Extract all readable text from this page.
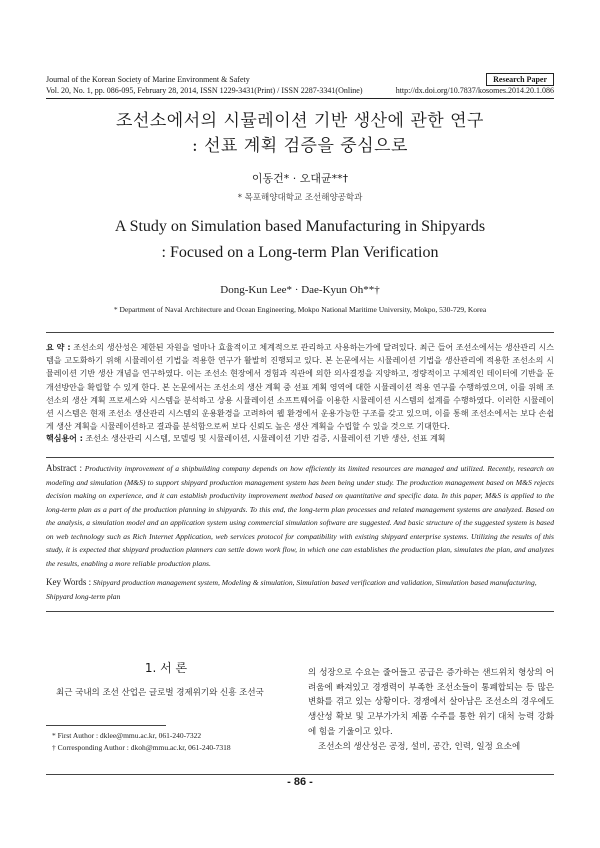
Journal of the Korean Society of Marine Environment & Safety	Research Paper
Vol. 20, No. 1, pp. 086-095, February 28, 2014, ISSN 1229-3431(Print) / ISSN 2287-3341(Online)	http://dx.doi.org/10.7837/kosomes.2014.20.1.086
조선소에서의 시뮬레이션 기반 생산에 관한 연구
: 선표 계획 검증을 중심으로
이동건* · 오대균**†
* 목포해양대학교 조선해양공학과
A Study on Simulation based Manufacturing in Shipyards
: Focused on a Long-term Plan Verification
Dong-Kun Lee* · Dae-Kyun Oh**†
* Department of Naval Architecture and Ocean Engineering, Mokpo National Maritime University, Mokpo, 530-729, Korea
요 약 : 조선소의 생산성은 제한된 자원을 얼마나 효율적이고 체계적으로 관리하고 사용하는가에 달려있다. 최근 들어 조선소에서는 생산관리 시스템을 고도화하기 위해 시뮬레이션 기법을 적용한 연구가 활발히 진행되고 있다. 본 논문에서는 시뮬레이션 기법을 생산관리에 적용한 조선소의 시뮬레이션 기반 생산 개념을 연구하였다. 이는 조선소 현장에서 경험과 직관에 의한 의사결정을 지양하고, 정량적이고 구체적인 데이터에 기반을 둔 개선방안을 확립할 수 있게 한다. 본 논문에서는 조선소의 생산 계획 중 선표 계획 영역에 대한 시뮬레이션 적용 연구를 수행하였으며, 이를 위해 조선소의 생산 계획 프로세스와 시스템을 분석하고 상용 시뮬레이션 소프트웨어를 이용한 시뮬레이션 시스템의 설계를 수행하였다. 이러한 시뮬레이션 시스템은 현재 조선소 생산관리 시스템의 운용환경을 고려하여 웹 환경에서 운용가능한 구조를 갖고 있으며, 이를 통해 조선소에서는 보다 손쉽게 생산 계획을 시뮬레이션하고 결과를 분석함으로써 보다 신뢰도 높은 생산 계획을 수립할 수 있을 것으로 기대한다.
핵심용어 : 조선소 생산관리 시스템, 모델링 및 시뮬레이션, 시뮬레이션 기반 검증, 시뮬레이션 기반 생산, 선표 계획
Abstract : Productivity improvement of a shipbuilding company depends on how efficiently its limited resources are managed and utilized. Recently, research on modeling and simulation (M&S) to support shipyard production management system has been being under study. The production management based on M&S rejects decision making on experience, and it can establish productivity improvement method based on quantitative and specific data. In this paper, M&S is applied to the long-term plan as a part of the production planning in shipyards. To this end, the long-term plan processes and related management systems are analyzed. Based on the analysis, a simulation model and an application system using commercial simulation software are suggested. And basic structure of the suggested system is based on web technology such as Rich Internet Application, web services protocol for compatibility with existing shipyard enterprise systems. Utilizing the results of this study, it is expected that shipyard production planners can settle down work flow, in which one can establishes the production plan, simulates the plan, and analyzes the results, enabling a more reliable production plans.
Key Words : Shipyard production management system, Modeling & simulation, Simulation based verification and validation, Simulation based manufacturing, Shipyard long-term plan
1. 서 론
최근 국내의 조선 산업은 글로벌 경제위기와 신흥 조선국
* First Author : dklee@mmu.ac.kr, 061-240-7322
† Corresponding Author : dkoh@mmu.ac.kr, 061-240-7318

의 성장으로 수요는 줄어들고 공급은 증가하는 샌드위치 형상의 어려움에 빠져있고 경쟁력이 부족한 조선소들이 통폐합되는 등 많은 변화를 겪고 있는 상황이다. 경쟁에서 살아남은 조선소의 경우에도 생산성 확보 및 고부가가치 제품 수주를 통한 위기 대처 능력 강화에 힘을 기울이고 있다.

조선소의 생산성은 공정, 설비, 공간, 인력, 일정 요소에

- 86 -
